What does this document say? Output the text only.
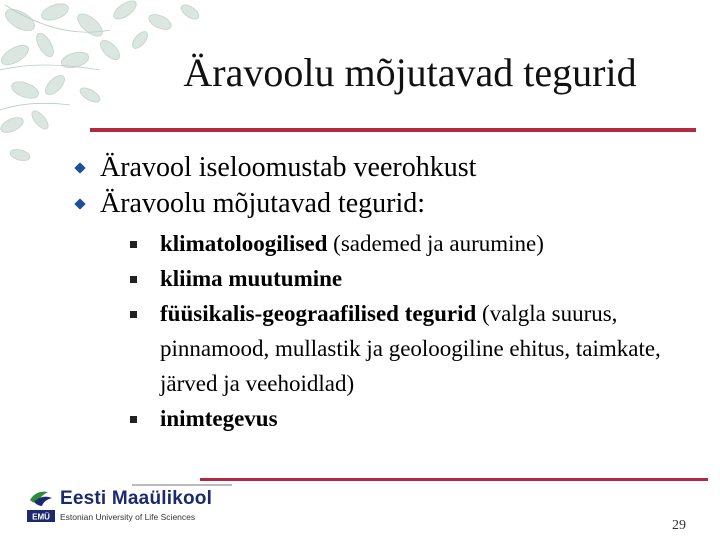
Äravoolu mõjutavad tegurid
Äravool iseloomustab veerohkust
Äravoolu mõjutavad tegurid:
klimatoloogilised (sademed ja aurumine)
kliima muutumine
füüsikalis-geograafilised tegurid (valgla suurus, pinnamood, mullastik ja geoloogiline ehitus, taimkate, järved ja veehoidlad)
inimtegevus
EMÜ
Eesti Maaülikool
Estonian University of Life Sciences
29
